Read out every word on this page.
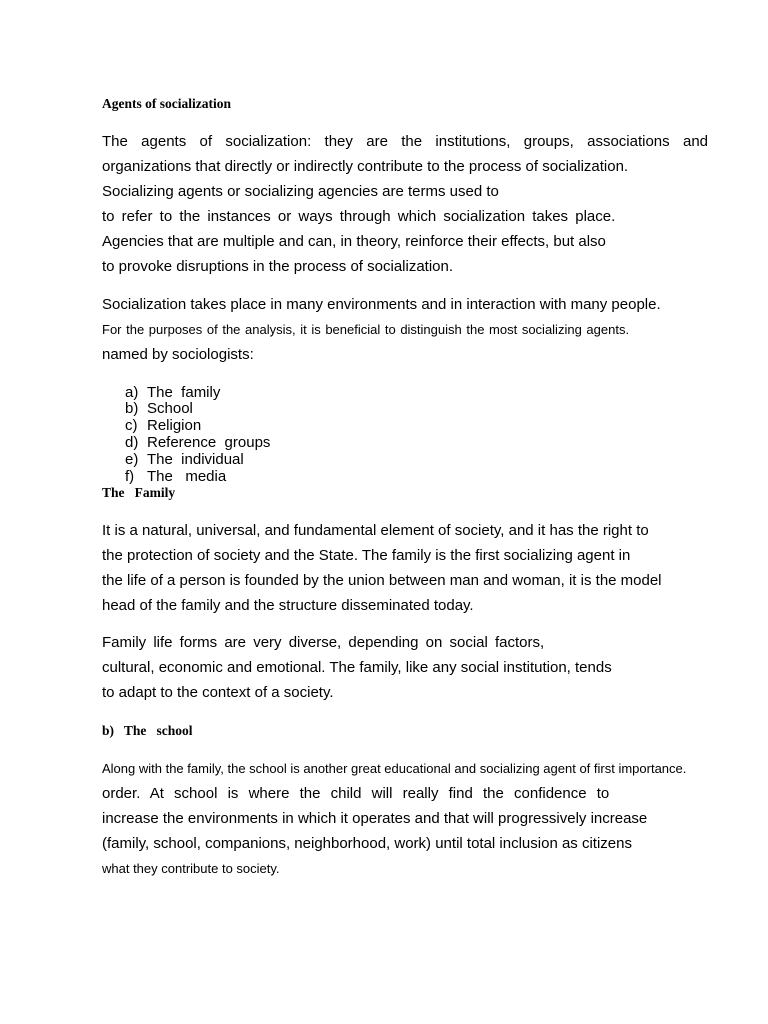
Agents of socialization
The agents of socialization: they are the institutions, groups, associations and
organizations that directly or indirectly contribute to the process of socialization.
Socializing agents or socializing agencies are terms used to
to refer to the instances or ways through which socialization takes place.
Agencies that are multiple and can, in theory, reinforce their effects, but also
to provoke disruptions in the process of socialization.
Socialization takes place in many environments and in interaction with many people.
For the purposes of the analysis, it is beneficial to distinguish the most socializing agents.
named by sociologists:
a) The  family
b) School
c) Religion
d) Reference  groups
e) The  individual
f) The   media
The   Family
It is a natural, universal, and fundamental element of society, and it has the right to
the protection of society and the State. The family is the first socializing agent in
the life of a person is founded by the union between man and woman, it is the model
head of the family and the structure disseminated today.
Family life forms are very diverse, depending on social factors,
cultural, economic and emotional. The family, like any social institution, tends
to adapt to the context of a society.
b)   The   school
Along with the family, the school is another great educational and socializing agent of first importance.
order. At school is where the child will really find the confidence to
increase the environments in which it operates and that will progressively increase
(family, school, companions, neighborhood, work) until total inclusion as citizens
what they contribute to society.
